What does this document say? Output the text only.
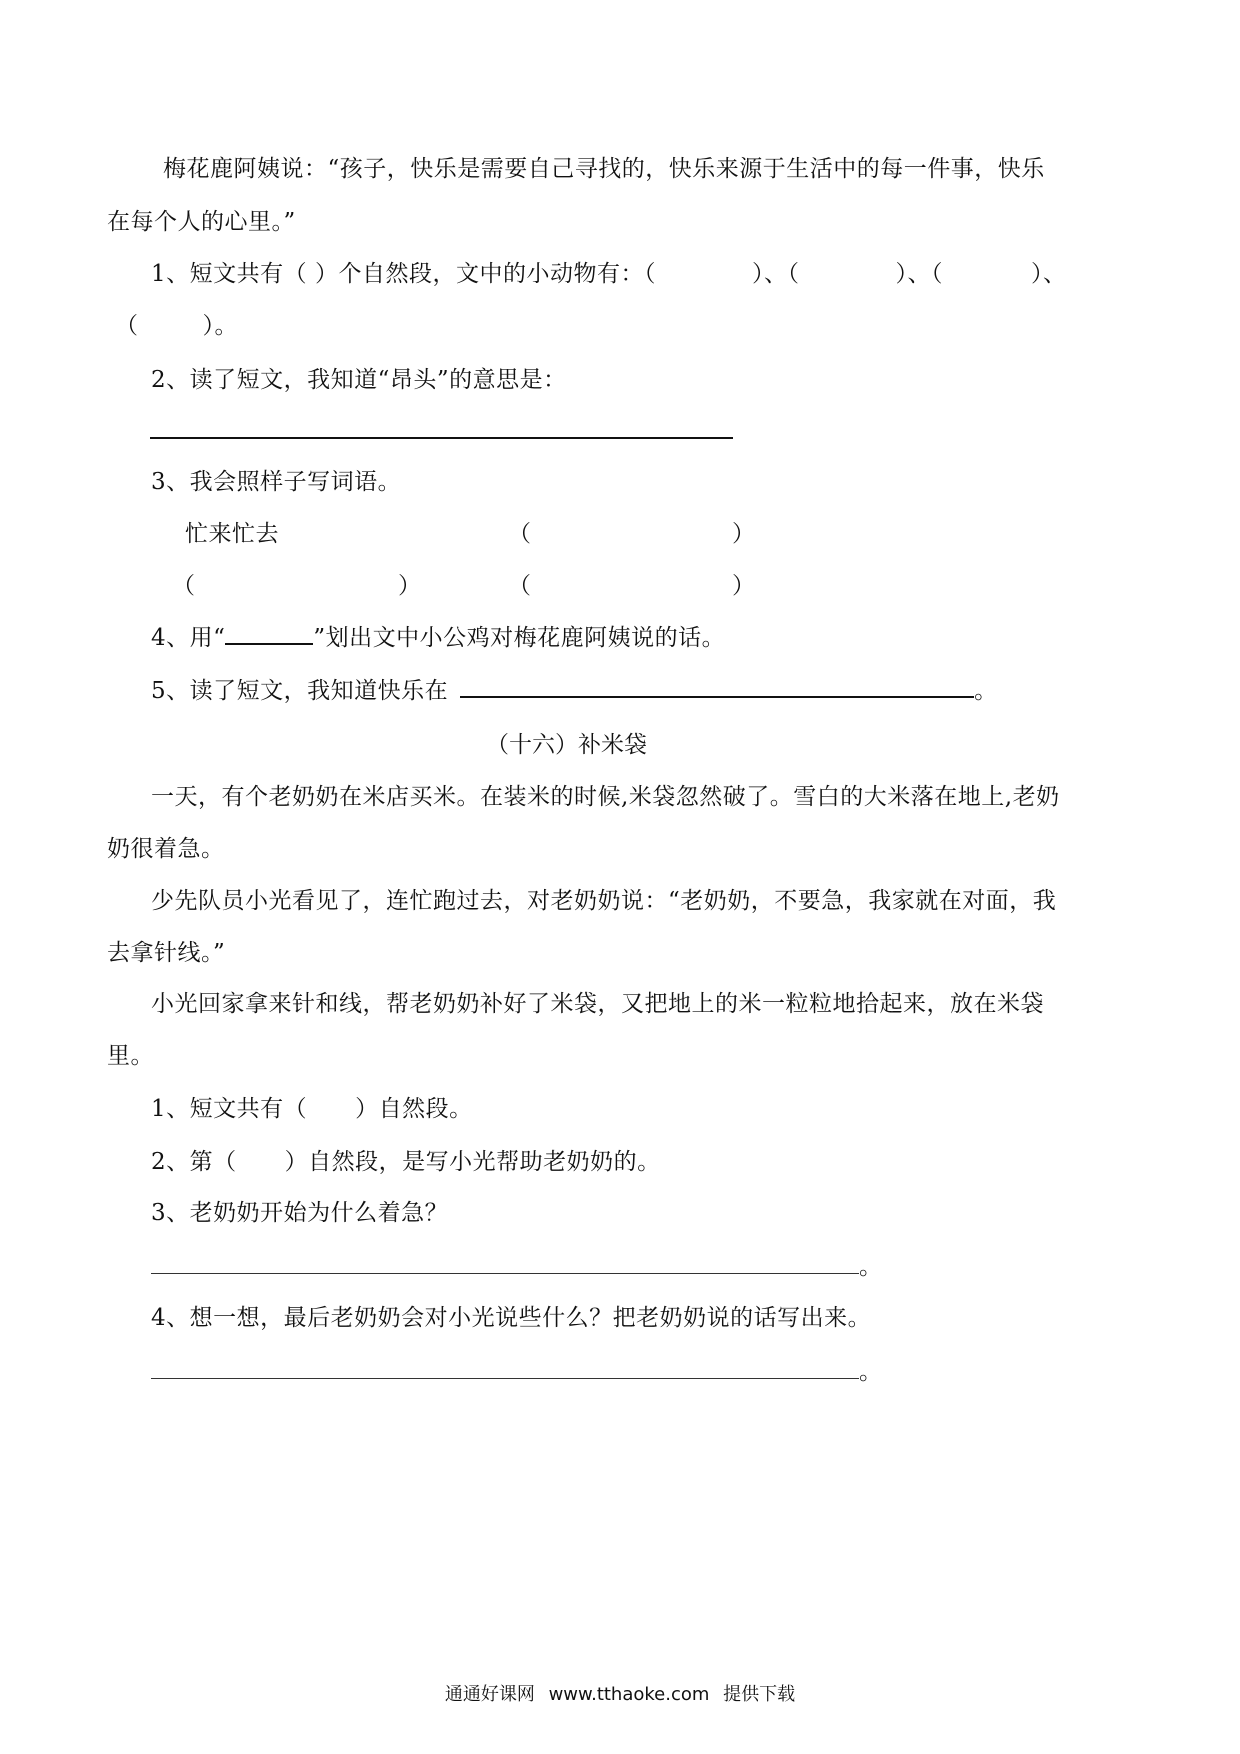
梅花鹿阿姨说：“孩子，快乐是需要自己寻找的，快乐来源于生活中的每一件事，快乐
在每个人的心里。”
1、短文共有（ ）个自然段，文中的小动物有：（	）、（	）、（	）、
（	）。
2、读了短文，我知道“昂头”的意思是：
3、我会照样子写词语。
忙来忙去	（	）
（	）	（	）
4、用“	”划出文中小公鸡对梅花鹿阿姨说的话。
5、读了短文，我知道快乐在	。
（十六）补米袋
一天，有个老奶奶在米店买米。在装米的时候,米袋忽然破了。雪白的大米落在地上,老奶
奶很着急。
少先队员小光看见了，连忙跑过去，对老奶奶说：“老奶奶，不要急，我家就在对面，我
去拿针线。”
小光回家拿来针和线，帮老奶奶补好了米袋，又把地上的米一粒粒地拾起来，放在米袋
里。
1、短文共有（ ）自然段。
2、第（ ）自然段，是写小光帮助老奶奶的。
3、老奶奶开始为什么着急？
。
4、想一想，最后老奶奶会对小光说些什么？把老奶奶说的话写出来。
。
通通好课网 www.tthaoke.com 提供下载
